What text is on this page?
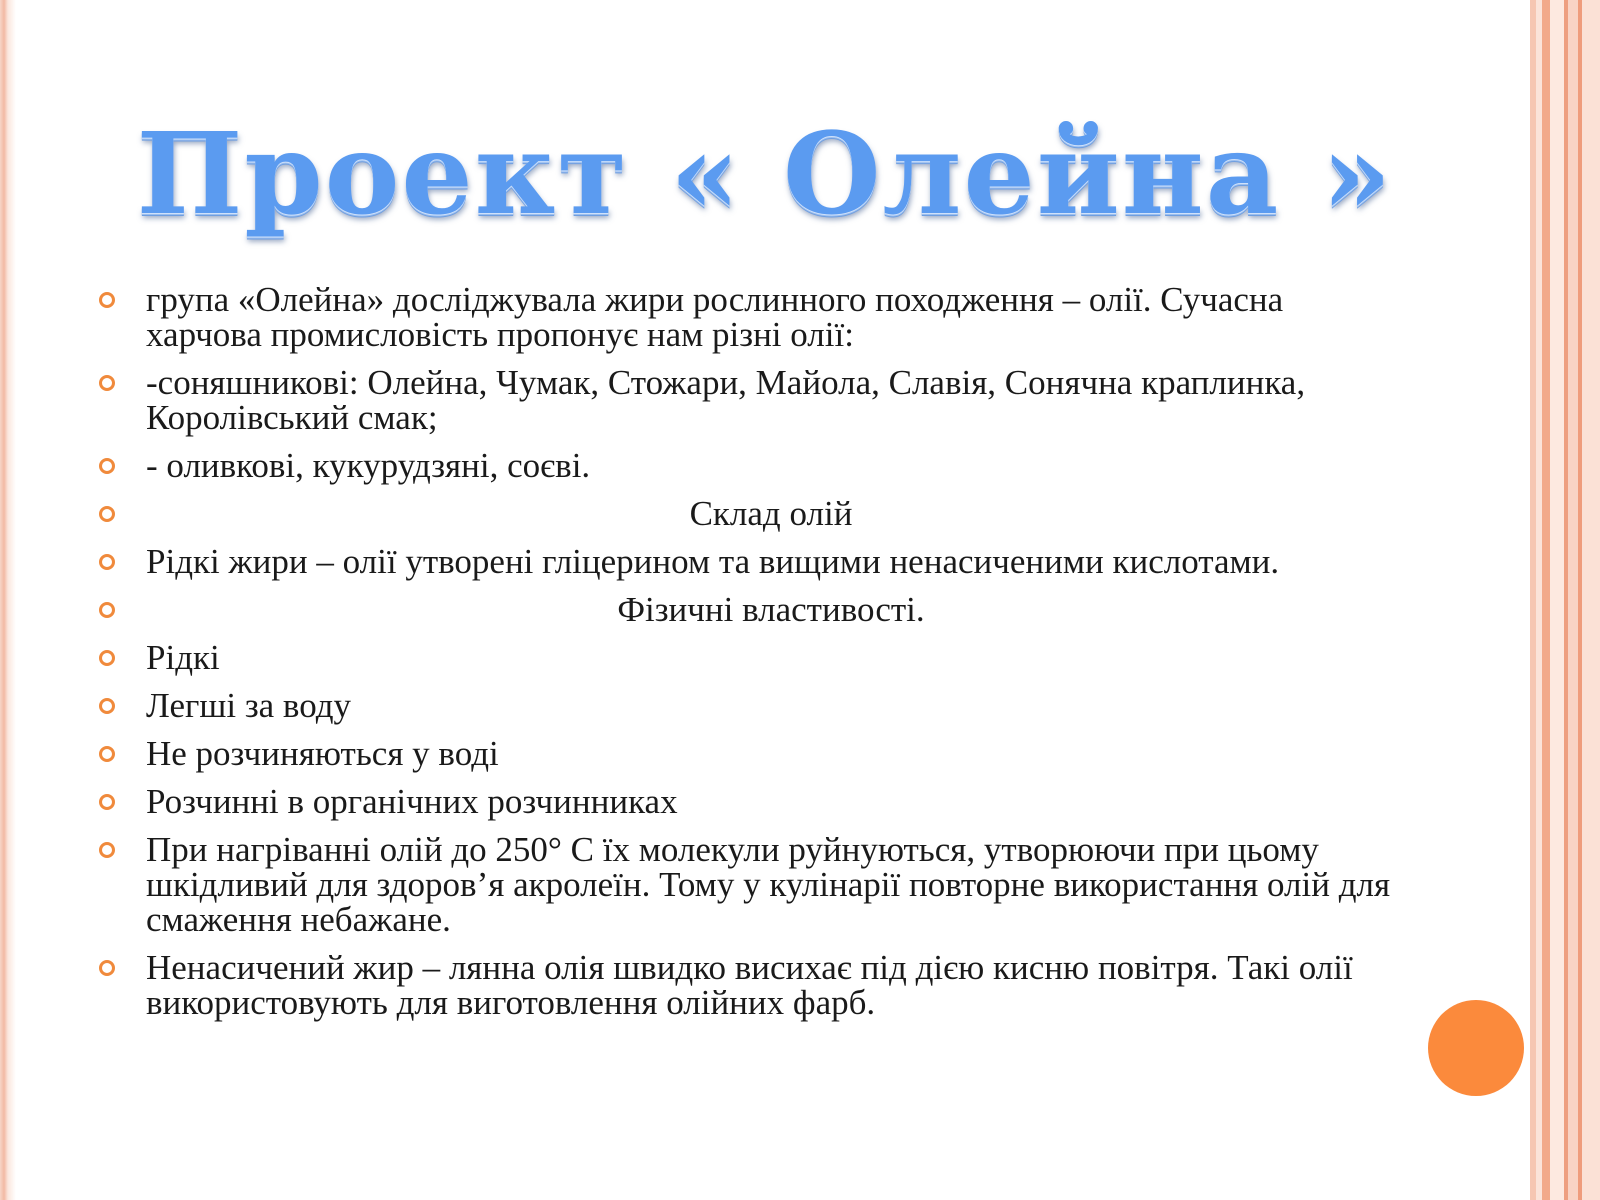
Проект « Олейна »
група «Олейна» досліджувала жири рослинного походження – олії. Сучасна харчова промисловість пропонує нам різні олії:
-соняшникові: Олейна, Чумак, Стожари, Майола, Славія, Сонячна краплинка, Королівський смак;
- оливкові, кукурудзяні, соєві.
Склад олій
Рідкі жири – олії утворені гліцерином та вищими ненасиченими кислотами.
Фізичні властивості.
Рідкі
Легші за воду
Не розчиняються у воді
Розчинні в органічних розчинниках
При нагріванні олій до 250° С їх молекули руйнуються, утворюючи при цьому шкідливий для здоров’я акролеїн. Тому у кулінарії повторне використання олій для смаження небажане.
Ненасичений жир – лянна олія швидко висихає під дією кисню повітря. Такі олії використовують для виготовлення олійних фарб.
